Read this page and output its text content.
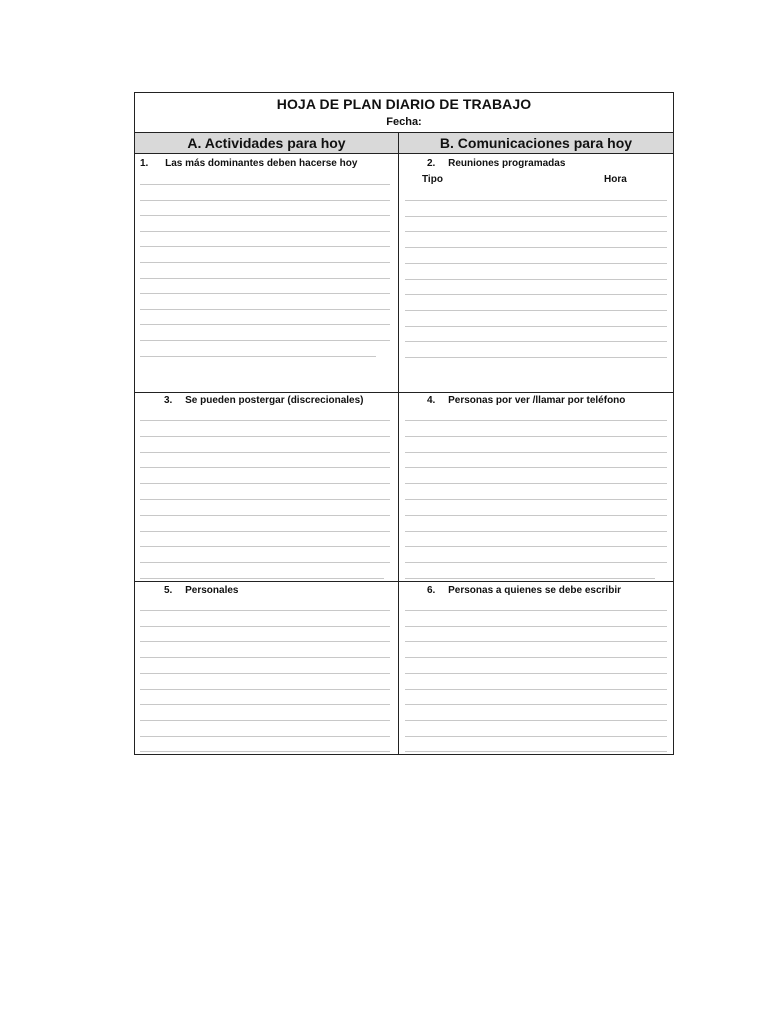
HOJA DE PLAN DIARIO DE TRABAJO
Fecha:
A. Actividades para hoy	B. Comunicaciones para hoy
1. Las más dominantes deben hacerse hoy	2. Reuniones programadas
Tipo	Hora
3. Se pueden postergar (discrecionales)	4. Personas por ver /llamar por teléfono
5. Personales	6. Personas a quienes se debe escribir
